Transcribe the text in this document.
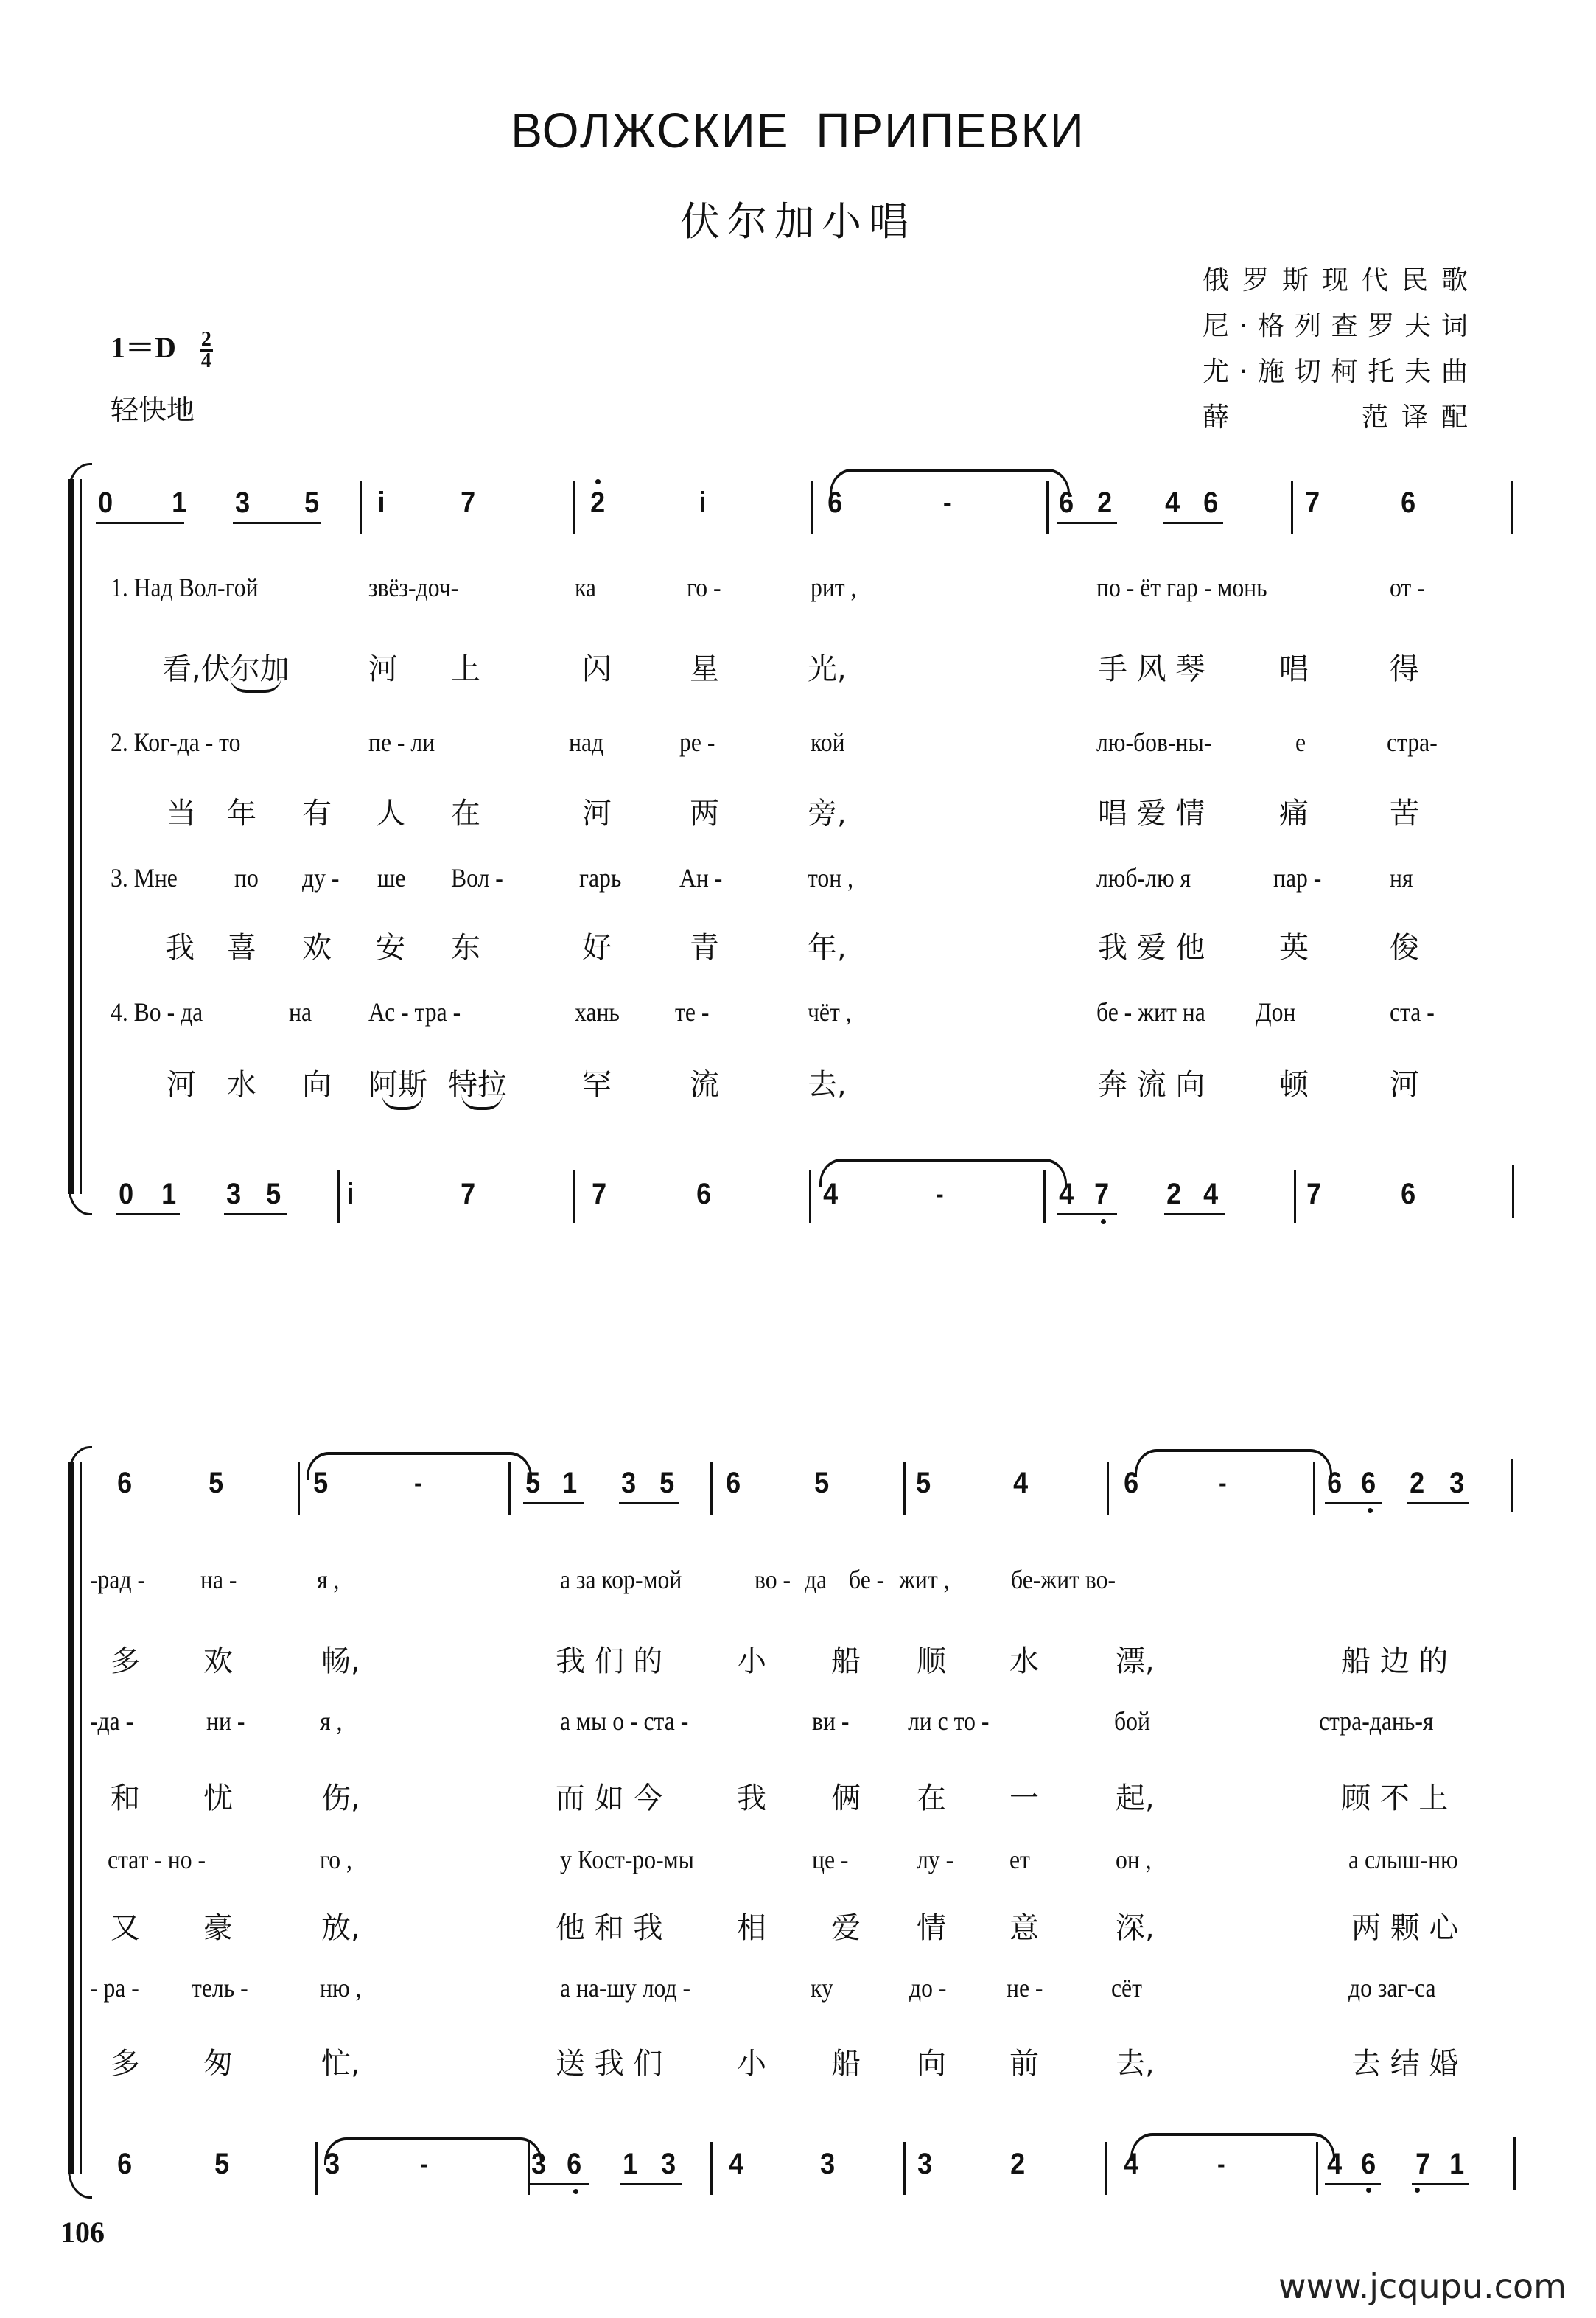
ВОЛЖСКИЕ ПРИПЕВКИ
伏尔加小唱
俄罗斯现代民歌
尼·格列查罗夫词
尤·施切柯托夫曲
薛　　　范译配
$1=D \frac{2}{4}$
轻快地
0 1 3 5 i	7	2	i	6	-	6 2 4 6	7	6
1. Над Вол-гой	звёз-доч-	ка	го -	рит ,	по - ёт гар - монь	от -
看,伏尔加	河 上	闪	星	光,	手 风 琴	唱	得
2. Ког-да - то	пе - ли	над	ре -	кой	лю-бов-ны-	е	стра-
当 年 有 人 在	河	两	旁,	唱 爱 情	痛	苦
3. Мне по ду - ше Вол -	гарь Ан -	тон ,	люб-лю я	пар -	ня
我 喜 欢 安 东	好	青	年,	我 爱 他	英	俊
4. Во - да	на Ас - тра -	хань те -	чёт ,	бе - жит на Дон	ста -
河 水 向 阿斯 特拉	罕	流	去,	奔 流 向	顿	河
0 1 3 5 i	7	7	6	4	-	4 7 2 4	7	6
6	5	5	-	5 1 3 5 6 5	5	4	6	-	6 6 2 3
-рад - на -	я ,	а за кор-мой	во - да бе - жит , бе-жит во-
多 欢	畅,	我 们 的	小 船 顺 水	漂,	船 边 的
-да -	ни -	я ,	а мы о - ста -	ви - ли с то -	бой	стра-дань-я
和 忧	伤,	而 如 今	我 俩 在 一	起,	顾 不 上
стат - но -	го ,	у Кост-ро-мы	це -	лу - ет	он ,	а слыш-ню
又 豪	放,	他 和 我	相 爱 情 意	深,	两 颗 心
- ра - тель -	ню ,	а на-шу лод -	ку	до - не -	сёт	до заг-са
多 匆	忙,	送 我 们	小 船 向 前	去,	去 结 婚
6	5	3	-	3 6 1 3 4	3	3	2	4	-	4 6 7 1
106
www.jcqupu.com
